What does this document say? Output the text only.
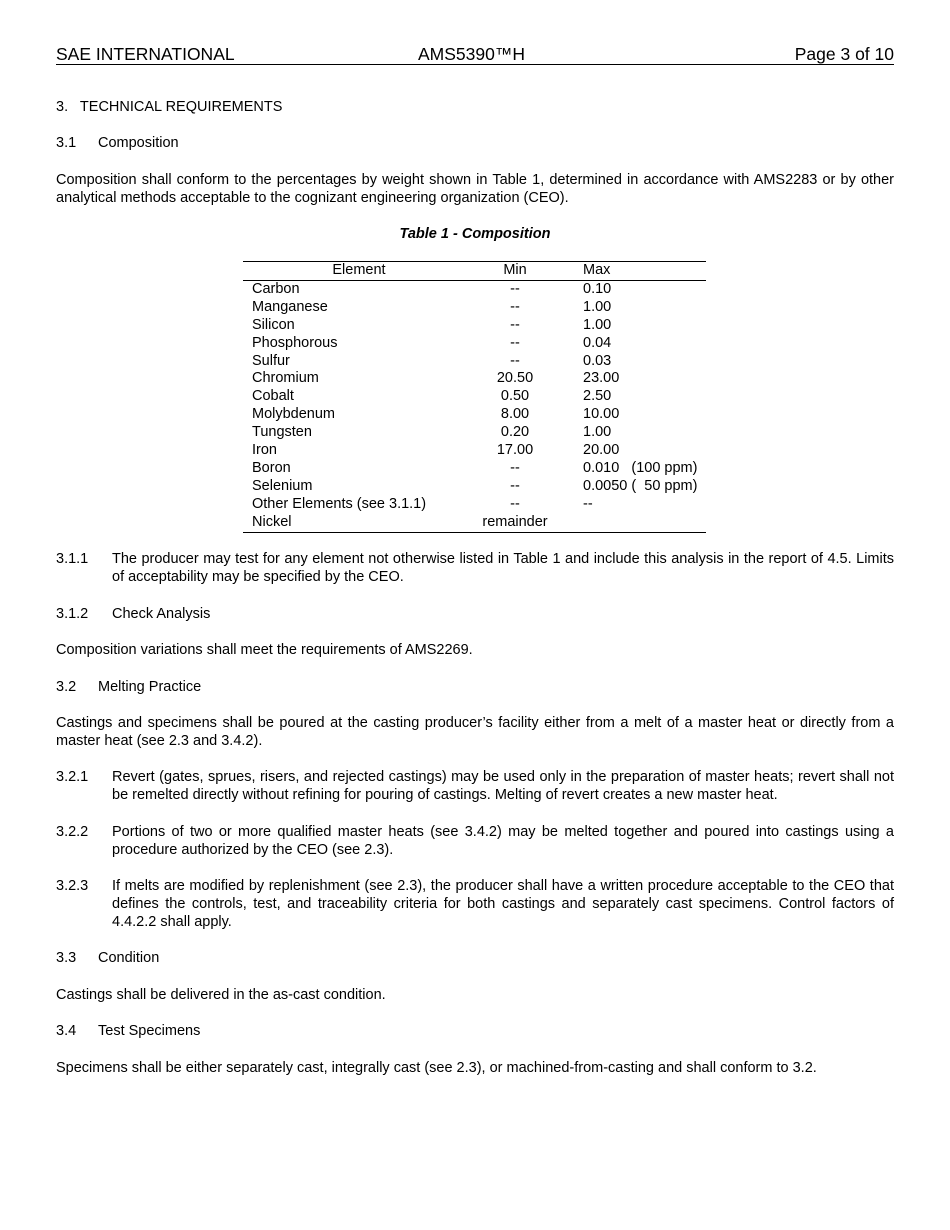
SAE INTERNATIONAL	AMS5390™H	Page 3 of 10
3.   TECHNICAL REQUIREMENTS
3.1 Composition
Composition shall conform to the percentages by weight shown in Table 1, determined in accordance with AMS2283 or by other analytical methods acceptable to the cognizant engineering organization (CEO).
Table 1 - Composition
Element	Min	Max
Carbon	--	0.10
Manganese	--	1.00
Silicon	--	1.00
Phosphorous	--	0.04
Sulfur	--	0.03
Chromium	20.50	23.00
Cobalt	0.50	2.50
Molybdenum	8.00	10.00
Tungsten	0.20	1.00
Iron	17.00	20.00
Boron	--	0.010   (100 ppm)
Selenium	--	0.0050 (  50 ppm)
Other Elements (see 3.1.1)	--	--
Nickel	remainder	
3.1.1 The producer may test for any element not otherwise listed in Table 1 and include this analysis in the report of 4.5. Limits of acceptability may be specified by the CEO.
3.1.2 Check Analysis
Composition variations shall meet the requirements of AMS2269.
3.2 Melting Practice
Castings and specimens shall be poured at the casting producer’s facility either from a melt of a master heat or directly from a master heat (see 2.3 and 3.4.2).
3.2.1 Revert (gates, sprues, risers, and rejected castings) may be used only in the preparation of master heats; revert shall not be remelted directly without refining for pouring of castings. Melting of revert creates a new master heat.
3.2.2 Portions of two or more qualified master heats (see 3.4.2) may be melted together and poured into castings using a procedure authorized by the CEO (see 2.3).
3.2.3 If melts are modified by replenishment (see 2.3), the producer shall have a written procedure acceptable to the CEO that defines the controls, test, and traceability criteria for both castings and separately cast specimens. Control factors of 4.4.2.2 shall apply.
3.3 Condition
Castings shall be delivered in the as-cast condition.
3.4 Test Specimens
Specimens shall be either separately cast, integrally cast (see 2.3), or machined-from-casting and shall conform to 3.2.
